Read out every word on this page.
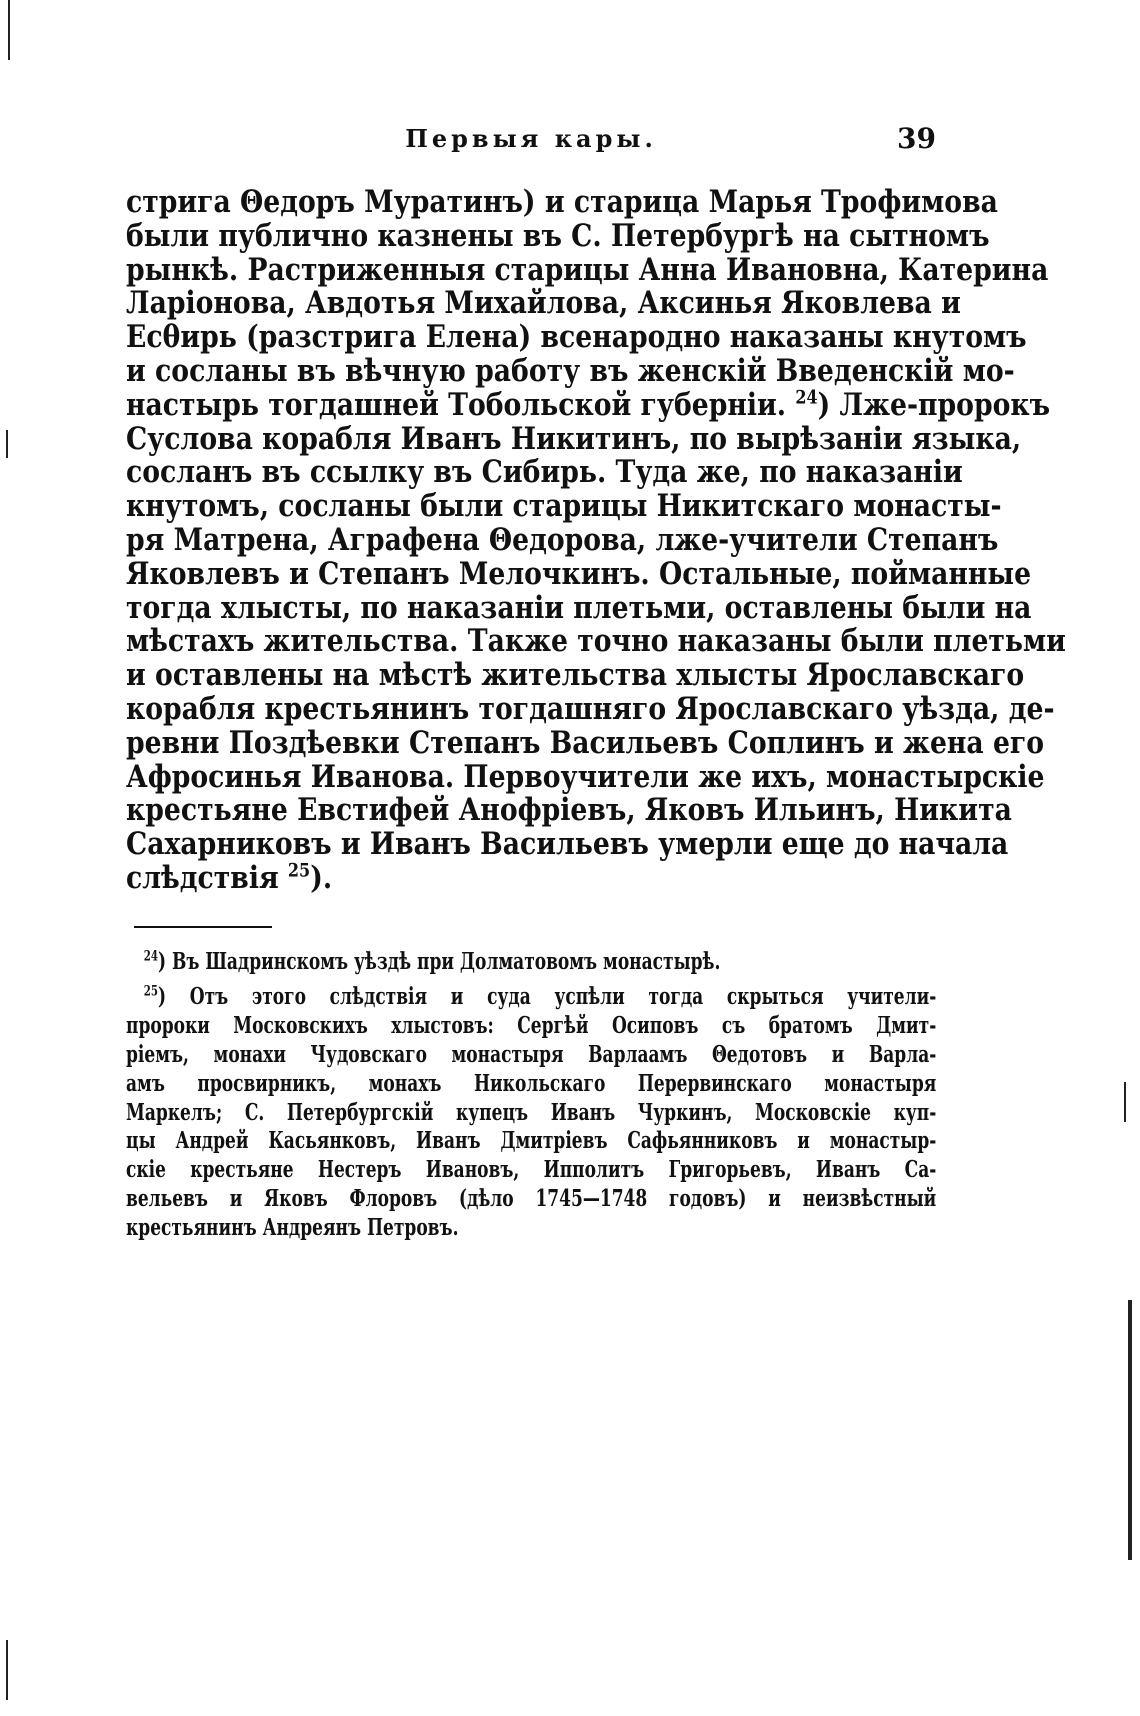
Первыя кары.	39
стрига Θедоръ Муратинъ) и старица Марья Трофимова
были публично казнены въ С. Петербургѣ на сытномъ
рынкѣ. Растриженныя старицы Анна Ивановна, Катерина
Ларіонова, Авдотья Михайлова, Аксинья Яковлева и
Есθирь (разстрига Елена) всенародно наказаны кнутомъ
и сосланы въ вѣчную работу въ женскій Введенскій мо-
настырь тогдашней Тобольской губерніи. $^{24}$) Лже-пророкъ
Суслова корабля Иванъ Никитинъ, по вырѣзаніи языка,
сосланъ въ ссылку въ Сибирь. Туда же, по наказаніи
кнутомъ, сосланы были старицы Никитскаго монасты-
ря Матрена, Аграфена Θедорова, лже-учители Степанъ
Яковлевъ и Степанъ Мелочкинъ. Остальные, пойманные
тогда хлысты, по наказаніи плетьми, оставлены были на
мѣстахъ жительства. Также точно наказаны были плетьми
и оставлены на мѣстѣ жительства хлысты Ярославскаго
корабля крестьянинъ тогдашняго Ярославскаго уѣзда, де-
ревни Поздѣевки Степанъ Васильевъ Соплинъ и жена его
Афросинья Иванова. Первоучители же ихъ, монастырскіе
крестьяне Евстифей Анофріевъ, Яковъ Ильинъ, Никита
Сахарниковъ и Иванъ Васильевъ умерли еще до начала
слѣдствія $^{25}$).
$^{24}$) Въ Шадринскомъ уѣздѣ при Долматовомъ монастырѣ.
$^{25}$) Отъ этого слѣдствія и суда успѣли тогда скрыться учители-
пророки Московскихъ хлыстовъ: Сергѣй Осиповъ съ братомъ Дмит-
ріемъ, монахи Чудовскаго монастыря Варлаамъ Θедотовъ и Варла-
амъ просвирникъ, монахъ Никольскаго Перервинскаго монастыря
Маркелъ; С. Петербургскій купецъ Иванъ Чуркинъ, Московскіе куп-
цы Андрей Касьянковъ, Иванъ Дмитріевъ Сафьянниковъ и монастыр-
скіе крестьяне Нестеръ Ивановъ, Ипполитъ Григорьевъ, Иванъ Са-
вельевъ и Яковъ Флоровъ (дѣло 1745—1748 годовъ) и неизвѣстный
крестьянинъ Андреянъ Петровъ.
